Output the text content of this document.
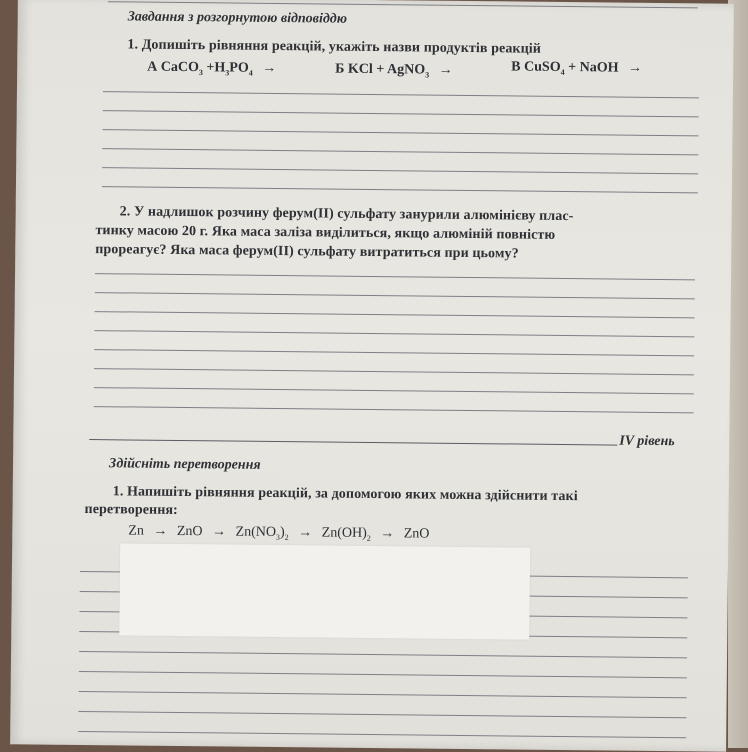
Завдання з розгорнутою відповіддю
1. Допишіть рівняння реакцій, укажіть назви продуктів реакцій
А CaCO$_3$ $+H_3PO_4$ →	Б KCl + AgNO$_3$ →	В CuSO$_4$ + NaOH →
2. У надлишок розчину ферум(ІІ) сульфату занурили алюмінієву плас-
тинку масою 20 г. Яка маса заліза виділиться, якщо алюміній повністю
прореагує? Яка маса ферум(ІІ) сульфату витратиться при цьому?
IV рівень
Здійсніть перетворення
1. Напишіть рівняння реакцій, за допомогою яких можна здійснити такі
перетворення:
Zn → ZnO → $Zn(NO_3)_2 \to Zn(OH)_2$ → ZnO
